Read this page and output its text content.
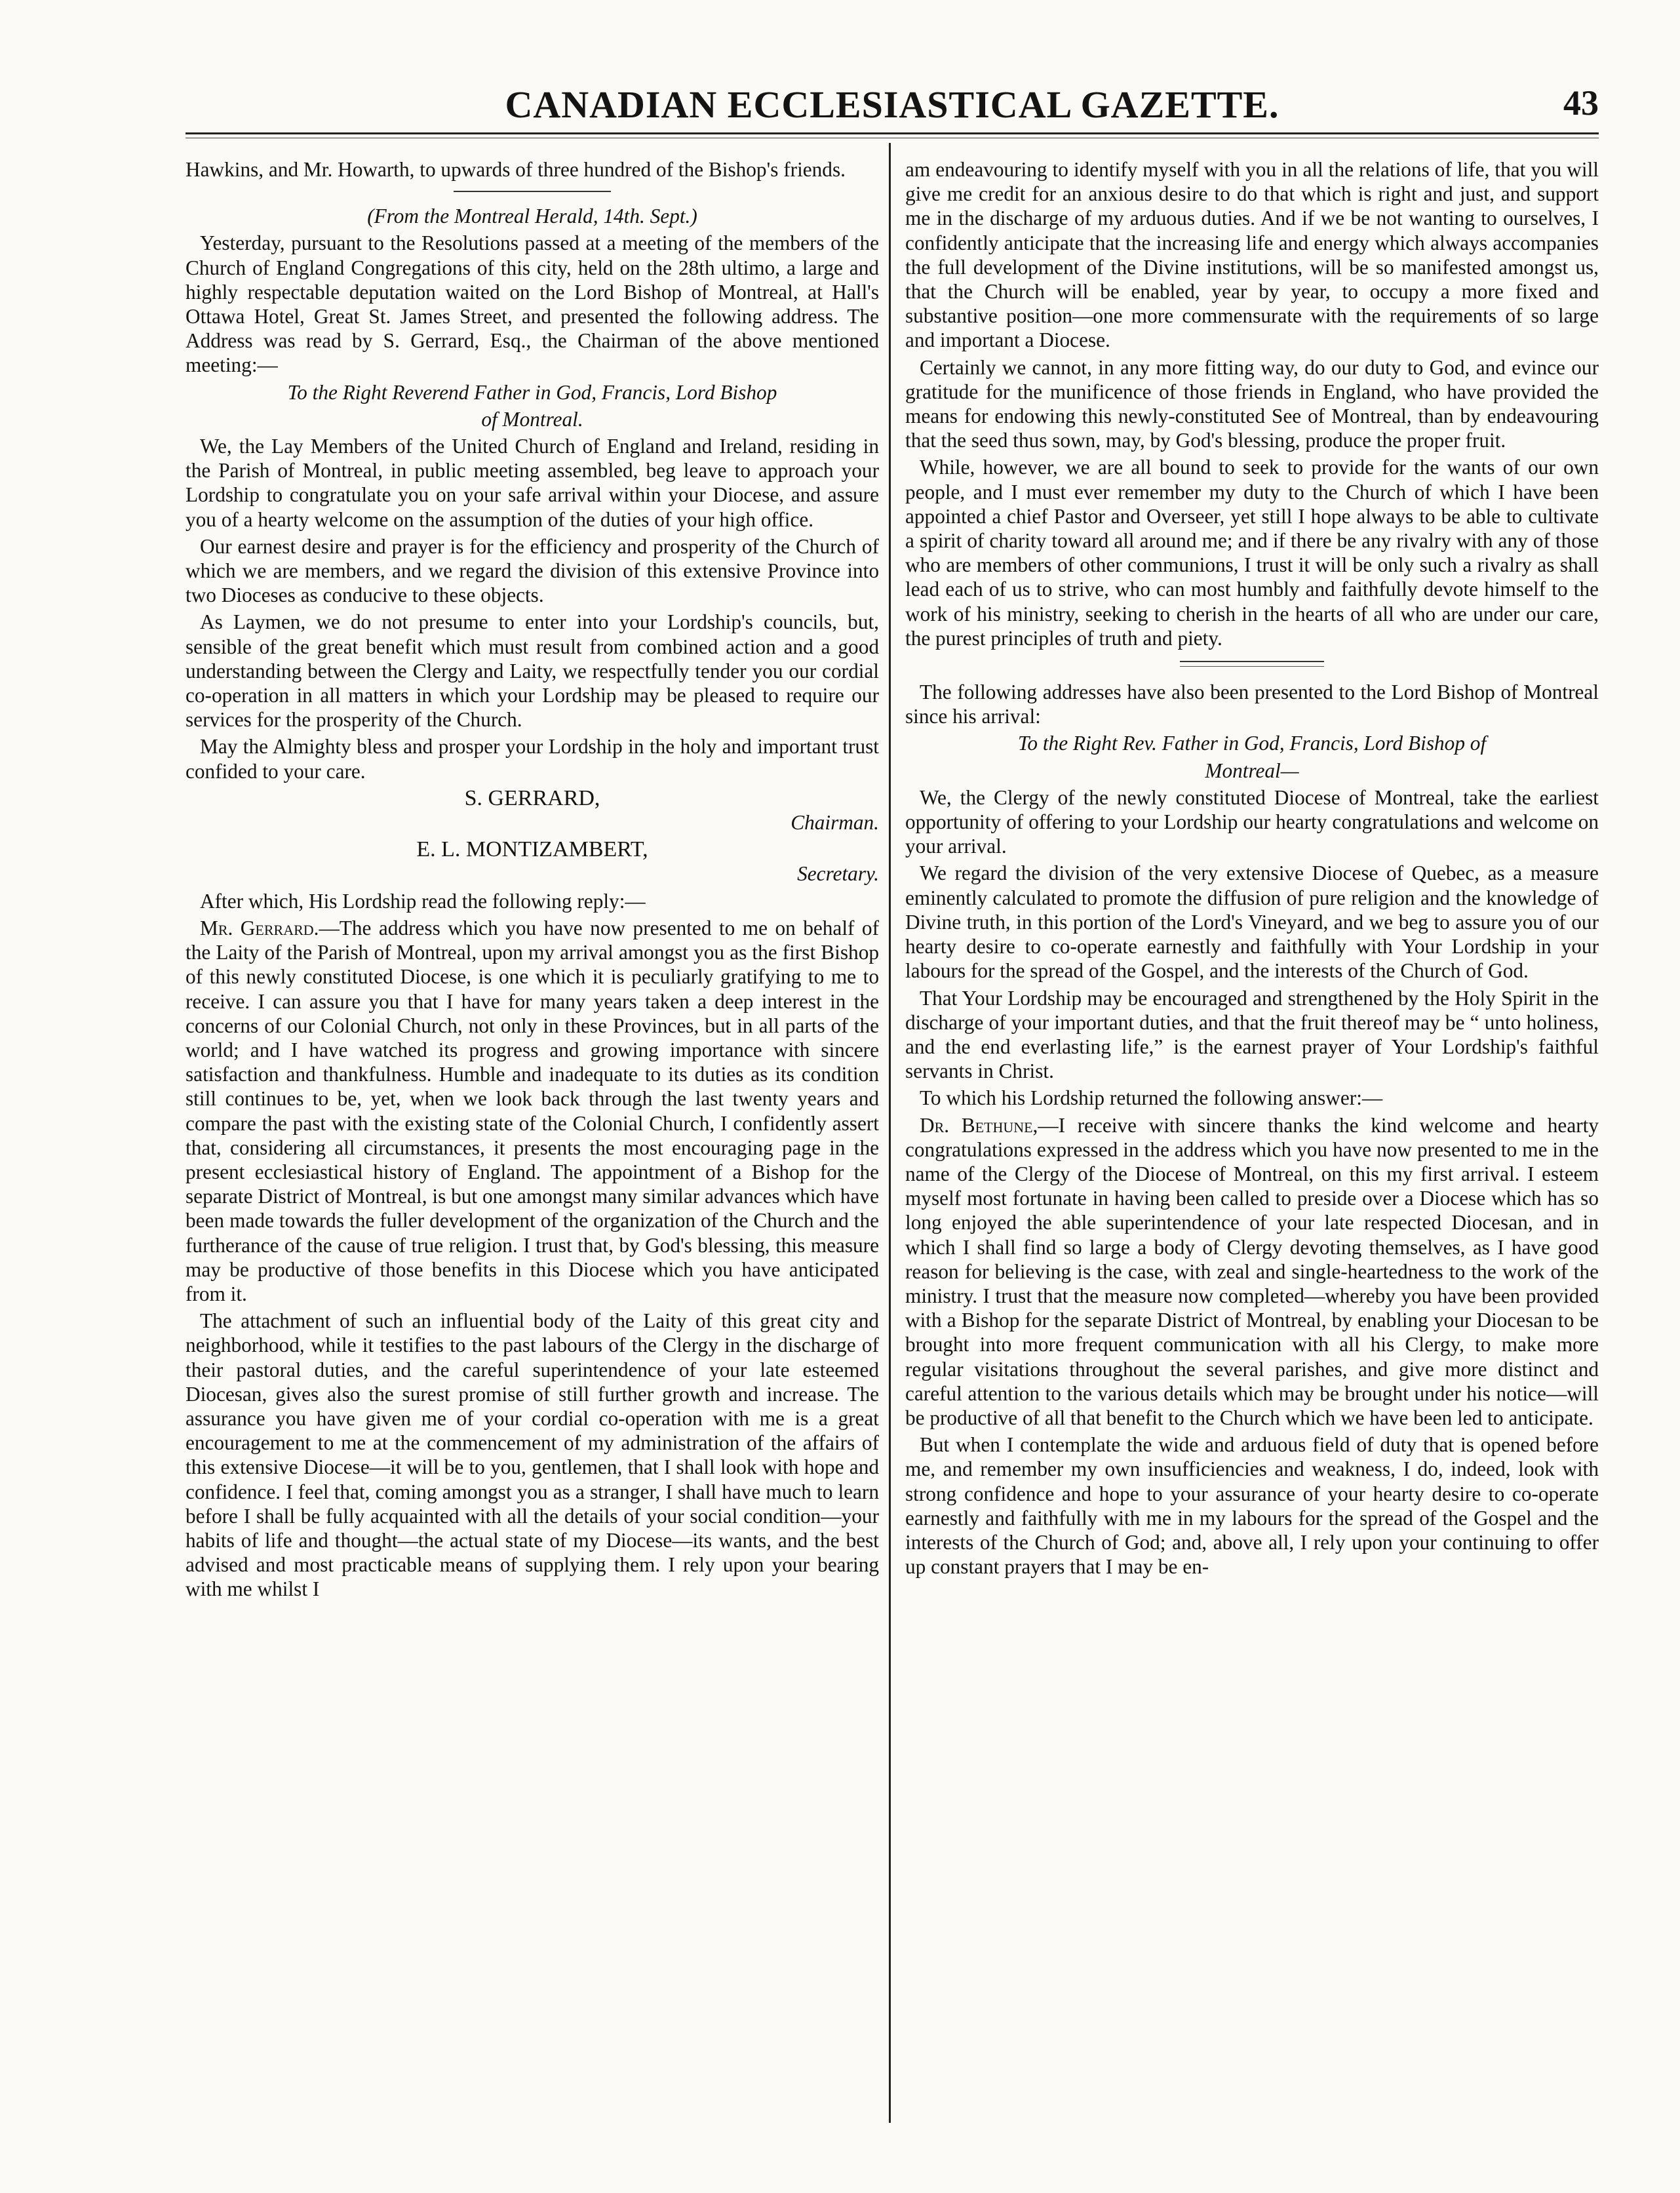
CANADIAN ECCLESIASTICAL GAZETTE.	43

Hawkins, and Mr. Howarth, to upwards of three hundred of the Bishop's friends.

(From the Montreal Herald, 14th. Sept.)

Yesterday, pursuant to the Resolutions passed at a meeting of the members of the Church of England Congregations of this city, held on the 28th ultimo, a large and highly respectable deputation waited on the Lord Bishop of Montreal, at Hall's Ottawa Hotel, Great St. James Street, and presented the following address. The Address was read by S. Gerrard, Esq., the Chairman of the above mentioned meeting:—

To the Right Reverend Father in God, Francis, Lord Bishop

of Montreal.

We, the Lay Members of the United Church of England and Ireland, residing in the Parish of Montreal, in public meeting assembled, beg leave to approach your Lordship to congratulate you on your safe arrival within your Diocese, and assure you of a hearty welcome on the assumption of the duties of your high office.

Our earnest desire and prayer is for the efficiency and prosperity of the Church of which we are members, and we regard the division of this extensive Province into two Dioceses as conducive to these objects.

As Laymen, we do not presume to enter into your Lordship's councils, but, sensible of the great benefit which must result from combined action and a good understanding between the Clergy and Laity, we respectfully tender you our cordial co-operation in all matters in which your Lordship may be pleased to require our services for the prosperity of the Church.

May the Almighty bless and prosper your Lordship in the holy and important trust confided to your care.

S. GERRARD,

Chairman.

E. L. MONTIZAMBERT,

Secretary.

After which, His Lordship read the following reply:—

Mr. Gerrard.—The address which you have now presented to me on behalf of the Laity of the Parish of Montreal, upon my arrival amongst you as the first Bishop of this newly constituted Diocese, is one which it is peculiarly gratifying to me to receive. I can assure you that I have for many years taken a deep interest in the concerns of our Colonial Church, not only in these Provinces, but in all parts of the world; and I have watched its progress and growing importance with sincere satisfaction and thankfulness. Humble and inadequate to its duties as its condition still continues to be, yet, when we look back through the last twenty years and compare the past with the existing state of the Colonial Church, I confidently assert that, considering all circumstances, it presents the most encouraging page in the present ecclesiastical history of England. The appointment of a Bishop for the separate District of Montreal, is but one amongst many similar advances which have been made towards the fuller development of the organization of the Church and the furtherance of the cause of true religion. I trust that, by God's blessing, this measure may be productive of those benefits in this Diocese which you have anticipated from it.

The attachment of such an influential body of the Laity of this great city and neighborhood, while it testifies to the past labours of the Clergy in the discharge of their pastoral duties, and the careful superintendence of your late esteemed Diocesan, gives also the surest promise of still further growth and increase. The assurance you have given me of your cordial co-operation with me is a great encouragement to me at the commencement of my administration of the affairs of this extensive Diocese—it will be to you, gentlemen, that I shall look with hope and confidence. I feel that, coming amongst you as a stranger, I shall have much to learn before I shall be fully acquainted with all the details of your social condition—your habits of life and thought—the actual state of my Diocese—its wants, and the best advised and most practicable means of supplying them. I rely upon your bearing with me whilst I

am endeavouring to identify myself with you in all the relations of life, that you will give me credit for an anxious desire to do that which is right and just, and support me in the discharge of my arduous duties. And if we be not wanting to ourselves, I confidently anticipate that the increasing life and energy which always accompanies the full development of the Divine institutions, will be so manifested amongst us, that the Church will be enabled, year by year, to occupy a more fixed and substantive position—one more commensurate with the requirements of so large and important a Diocese.

Certainly we cannot, in any more fitting way, do our duty to God, and evince our gratitude for the munificence of those friends in England, who have provided the means for endowing this newly-constituted See of Montreal, than by endeavouring that the seed thus sown, may, by God's blessing, produce the proper fruit.

While, however, we are all bound to seek to provide for the wants of our own people, and I must ever remember my duty to the Church of which I have been appointed a chief Pastor and Overseer, yet still I hope always to be able to cultivate a spirit of charity toward all around me; and if there be any rivalry with any of those who are members of other communions, I trust it will be only such a rivalry as shall lead each of us to strive, who can most humbly and faithfully devote himself to the work of his ministry, seeking to cherish in the hearts of all who are under our care, the purest principles of truth and piety.

The following addresses have also been presented to the Lord Bishop of Montreal since his arrival:

To the Right Rev. Father in God, Francis, Lord Bishop of

Montreal—

We, the Clergy of the newly constituted Diocese of Montreal, take the earliest opportunity of offering to your Lordship our hearty congratulations and welcome on your arrival.

We regard the division of the very extensive Diocese of Quebec, as a measure eminently calculated to promote the diffusion of pure religion and the knowledge of Divine truth, in this portion of the Lord's Vineyard, and we beg to assure you of our hearty desire to co-operate earnestly and faithfully with Your Lordship in your labours for the spread of the Gospel, and the interests of the Church of God.

That Your Lordship may be encouraged and strengthened by the Holy Spirit in the discharge of your important duties, and that the fruit thereof may be “ unto holiness, and the end everlasting life,” is the earnest prayer of Your Lordship's faithful servants in Christ.

To which his Lordship returned the following answer:—

Dr. Bethune,—I receive with sincere thanks the kind welcome and hearty congratulations expressed in the address which you have now presented to me in the name of the Clergy of the Diocese of Montreal, on this my first arrival. I esteem myself most fortunate in having been called to preside over a Diocese which has so long enjoyed the able superintendence of your late respected Diocesan, and in which I shall find so large a body of Clergy devoting themselves, as I have good reason for believing is the case, with zeal and single-heartedness to the work of the ministry. I trust that the measure now completed—whereby you have been provided with a Bishop for the separate District of Montreal, by enabling your Diocesan to be brought into more frequent communication with all his Clergy, to make more regular visitations throughout the several parishes, and give more distinct and careful attention to the various details which may be brought under his notice—will be productive of all that benefit to the Church which we have been led to anticipate.

But when I contemplate the wide and arduous field of duty that is opened before me, and remember my own insufficiencies and weakness, I do, indeed, look with strong confidence and hope to your assurance of your hearty desire to co-operate earnestly and faithfully with me in my labours for the spread of the Gospel and the interests of the Church of God; and, above all, I rely upon your continuing to offer up constant prayers that I may be en-
